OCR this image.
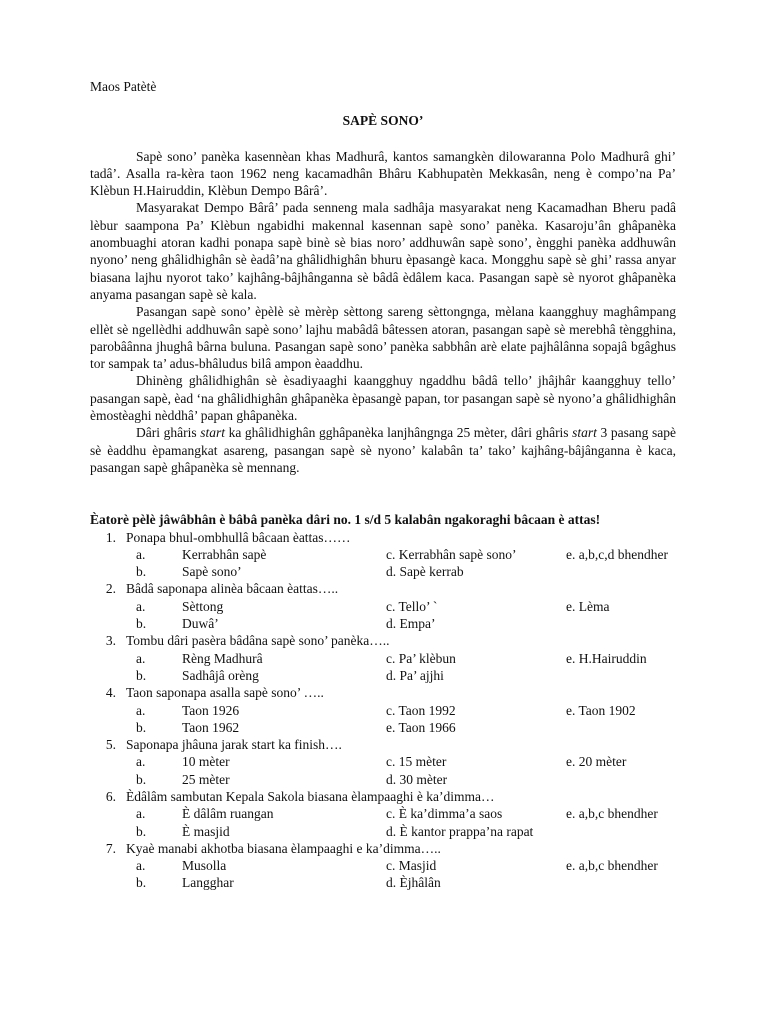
Maos Patètè
SAPÈ SONO’

Sapè sono’ panèka kasennèan khas Madhurâ, kantos samangkèn dilowaranna Polo Madhurâ ghi’ tadâ’. Asalla ra-kèra taon 1962 neng kacamadhân Bhâru Kabhupatèn Mekkasân, neng è compo’na Pa’ Klèbun H.Hairuddin, Klèbun Dempo Bârâ’.

Masyarakat Dempo Bârâ’ pada senneng mala sadhâja masyarakat neng Kacamadhan Bheru padâ lèbur saampona Pa’ Klèbun ngabidhi makennal kasennan sapè sono’ panèka. Kasaroju’ân ghâpanèka anombuaghi atoran kadhi ponapa sapè binè sè bias noro’ addhuwân sapè sono’, èngghi panèka addhuwân nyono’ neng ghâlidhighân sè èadâ’na ghâlidhighân bhuru èpasangè kaca. Mongghu sapè sè ghi’ rassa anyar biasana lajhu nyorot tako’ kajhâng-bâjhânganna sè bâdâ èdâlem kaca. Pasangan sapè sè nyorot ghâpanèka anyama pasangan sapè sè kala.

Pasangan sapè sono’ èpèlè sè mèrèp sèttong sareng sèttongnga, mèlana kaangghuy maghâmpang ellèt sè ngellèdhi addhuwân sapè sono’ lajhu mabâdâ bâtessen atoran, pasangan sapè sè merebhâ tèngghina, parobâânna jhughâ bârna buluna. Pasangan sapè sono’ panèka sabbhân arè elate pajhâlânna sopajâ bgâghus tor sampak ta’ adus-bhâludus bilâ ampon èaaddhu.

Dhinèng ghâlidhighân sè èsadiyaaghi kaangghuy ngaddhu bâdâ tello’ jhâjhâr kaangghuy tello’ pasangan sapè, èad ‘na ghâlidhighân ghâpanèka èpasangè papan, tor pasangan sapè sè nyono’a ghâlidhighân èmostèaghi nèddhâ’ papan ghâpanèka.

Dâri ghâris start ka ghâlidhighân gghâpanèka lanjhângnga 25 mèter, dâri ghâris start 3 pasang sapè sè èaddhu èpamangkat asareng, pasangan sapè sè nyono’ kalabân ta’ tako’ kajhâng-bâjânganna è kaca, pasangan sapè ghâpanèka sè mennang.

Èatorè pèlè jâwâbhân è bâbâ panèka dâri no. 1 s/d 5 kalabân ngakoraghi bâcaan è attas!
1. Ponapa bhul-ombhullâ bâcaan èattas……
a.	Kerrabhân sapè	c. Kerrabhân sapè sono’	e. a,b,c,d bhendher
b.	Sapè sono’	d. Sapè kerrab
2. Bâdâ saponapa alinèa bâcaan èattas…..
a.	Sèttong	c. Tello’ `	e. Lèma
b.	Duwâ’	d. Empa’
3. Tombu dâri pasèra bâdâna sapè sono’ panèka…..
a.	Rèng Madhurâ	c. Pa’ klèbun	e. H.Hairuddin
b.	Sadhâjâ orèng	d. Pa’ ajjhi
4. Taon saponapa asalla sapè sono’ …..
a.	Taon 1926	c. Taon 1992	e. Taon 1902
b.	Taon 1962	e. Taon 1966
5. Saponapa jhâuna jarak start ka finish….
a.	10 mèter	c. 15 mèter	e. 20 mèter
b.	25 mèter	d. 30 mèter
6. Èdâlâm sambutan Kepala Sakola biasana èlampaaghi è ka’dimma…
a.	È dâlâm ruangan	c. È ka’dimma’a saos	e. a,b,c bhendher
b.	È masjid	d. È kantor prappa’na rapat
7. Kyaè manabi akhotba biasana èlampaaghi e ka’dimma…..
a.	Musolla	c. Masjid	e. a,b,c bhendher
b.	Langghar	d. Èjhâlân
